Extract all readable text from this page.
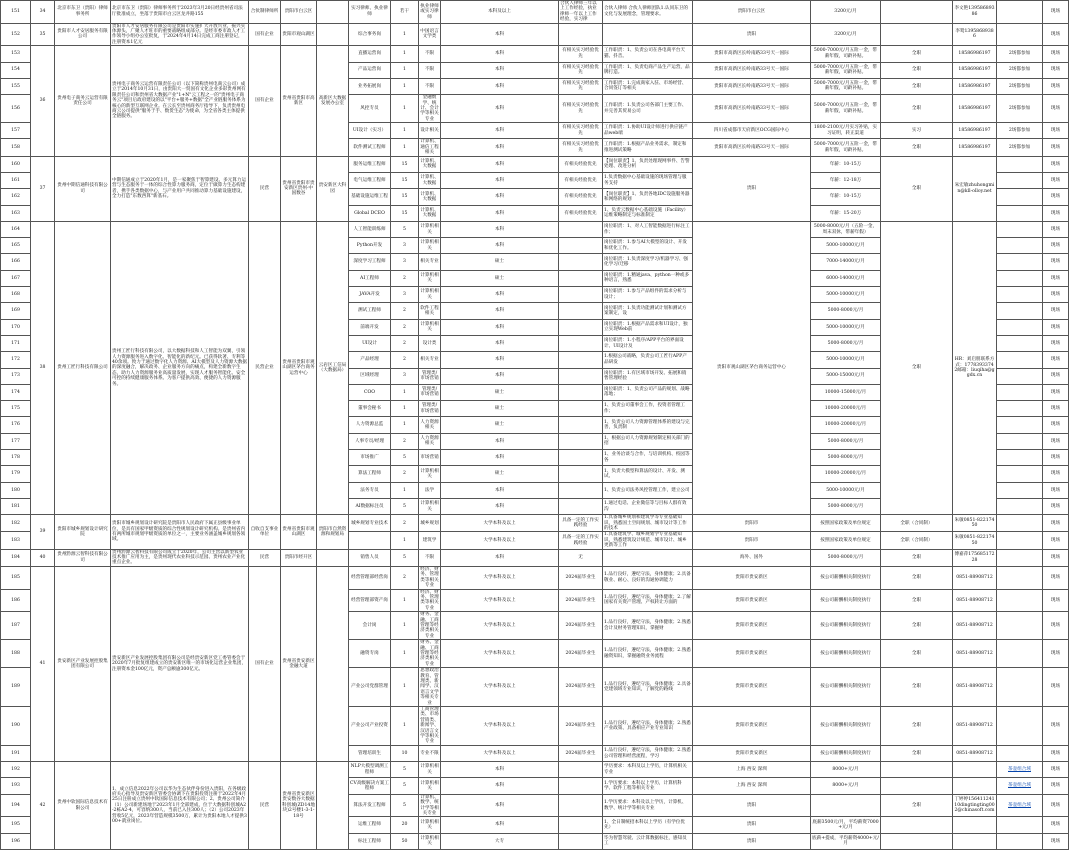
151	34	北京市东卫（贵阳）律师事务所	北京市东卫（贵阳）律师事务所于2023年3月20日经贵州省司法厅批准成立，坐落于贵阳市白云区龙井路155	合伙制律师所	贵阳市白云区		实习律师、执业律师	若干	执业律师或实习律师	本科及以上	合伙人律师三年以上工作经验，执业律师一年以上工作经验，实习律	合伙人律师 合伙人律师团队1.认同东卫的文化与发展理念，管理要求。	贵阳市白云区	3200元/月		李文艳13958689386		现场
152	35	贵阳市人才安居服务有限公司	贵阳市人才安居服务有限公司是贵阳市实施扩大开放兴业，振兴实体源头，广聚人才旺市的重要战略组成部分。是经市委市政人才工作领导小组办公室批复，于2024年4月14日完成工商注册登记，注册资本1亿元	国有企业	贵阳市观山湖区		综合事务岗	1	中国语言文学类	本科			贵阳	3200元/月		李鸳13958689386		现场
153	36	贵州电子商务云运营有限责任公司	贵州电子商务云运营有限责任公司（以下简称贵州电商云公司）成立于2014年10月31日，由贵阳大一贸国有文化企业多彩贵州网有限责任公司和贵州省大数据产业"1+N"云工程之一的"贵州电子商务云"项目后政府建设的以"平台+服务+数据"全产业链服务体系为核心的新型互联网企业。在云长至贵州商务厅指导下，负责贵州电商云公司提供"服务于手、数货生态"为使命，为全省各类主体提供全链服务。	国有企业	贵州省贵阳市高新区	高新区大数据发展办公室	直播运营岗	1	不限	本科	有相关实习经验优先	工作职责：1、负责公司在各电商平台天猫、抖音。	贵阳市高新区长岭南路33号天一国际	5000-7000元/月五险一金，带薪年假，司龄补贴。	全职	18586986197	2场都参加	现场
154							产品运营岗	1	不限	本科	有相关实习经验优先	工作职责：1、负责电商产品生产运营，品牌打造。	贵阳市高新区长岭南路33号天一国际	5000-7000元/月五险一金，带薪年假，司龄补贴。	全职	18586986197	2场都参加	现场
155							业务拓展岗	1	不限	本科	有相关实习经验优先	工作职责：1.完成商家入驻、市场经营、合同签订等相关	贵阳市高新区长岭南路33号天一国际	5000-7000元/月五险一金，带薪年假，司龄补贴。	全职	18586986197	2场都参加	现场
156							风控专员	1	金融数学、统计、会计学等相关专业	本科	有相关实习经验优先	工作职责：1.负责公司各部门主要工作、并完善其贸易公司	贵阳市高新区长岭南路33号天一国际	5000-7000元/月五险一金，带薪年假，司龄补贴。	全职	18586986197	2场都参加	现场
157							UI设计（实习）	1	设计相关	本科	有相关实习经验优先	工作职责：1.协助UI设计师进行供应链产品web端	四川省成都市天府新区OCG国际中心	1800-2100元/月实习补贴，实习证明，转正渠道	实习	18586986197	2场都参加	现场
158							软件测试工程师	1	计算机、通信工程相关	本科	有相关实习经验优先	工作职责：1.根据产品业务需求，制定和推进测试策略	贵阳市高新区长岭南路33号天一国际	5000-7000元/月五险一金，带薪年假，司龄补贴。	全职	18586986197	2场都参加	现场
160	37	贵州中期信通科技有限公司	中期信通成立于2020年1月，是一家聚焦于智算建设、多元算力运营与生态服务于一体的综合性算力服务商，定位于做算力生态构建者，携手各类数据中心，与产业用户共同推动算力基础设施建设，全力打造"东数西算"新基石。	民营	贵州省贵阳市贵安新区贵州·中国数谷	贵安新区大科园	服务运维工程师	15	计算机、大数据	本科	有相关经验优先	【岗位职责】1、负责处理现网事件、告警处理、改进分析	贵阳	年薪：10-15万	全职	朱宏敏zhuhongmin@kll-olloy.net		现场
161							电气运维工程师	15	计算机、大数据	本科	有相关经验优先	1.负责数据中心基础设施的现场管理与服务支持		年薪：12-18万				现场
162							基础设施运维工程	15	计算机、大数据	本科	有相关经验优先	【岗位职责】1、负责各地IDC设施服务器和网络的规划		年薪：10-15万				现场
163							Global DCEO	15	计算机、大数据	本科	有相关经验优先	1、负责云数据中心基础设施（Facility）运维策略制定与标准制定		年薪：15-20万				现场
164	38	贵州工匠行科技有限公司	贵州工匠行科技有限公司，以大数据科技和人工智能为双翼，引领人力资源服务进入数字化、智能化的新纪元。已获得软著、专利等40余项。致力于通过数字化人力资源、AI大模型及人力资源大数据的深度融合，解决政务、企业服务方向的痛点，构建全新数字生态，助力人力资源服务业高质量发展，实现人才服务智能化、安全可控的持续健康服务体系。为客户提供高效、便捷的人力资源服务。	民营企业	贵州省贵阳市观山湖区茅台商务运营中心	云岩区工信局（大数据局）	人工智能训练师	5	计算机相关	本科		岗位职责：1、对人工智能数据进行标注工作；	贵阳市观山湖区茅台商务运营中心	5000-8000元/月（五险一金，周末双休，带薪年假）	全职	HR：刘启朋联系方式：17783933742邮箱：liuqiha@ggdx.cn		现场
165							Python开发	3	计算机相关	本科		岗位职责：1.参与AI大模型的设计、开发和优化工作。		5000-10000元/月				现场
166							深度学习工程师	3	相关专业	硕士		岗位职责：1.负责深度学习/机器学习、强化学习/迁移		7000-14000元/月				现场
167							AI工程师	2	计算机相关	硕士		岗位职责：1.精通java、python一种或多种语言，熟悉		6000-14000元/月				现场
168							JAVA开发	3	计算机相关	本科		岗位职责：1.参与产品组件的需求分析与设计；		5000-10000元/月				现场
169							测试工程师	2	软件工程相关	本科		岗位职责：1.负责功能测试计划和测试方案制定，设		5000-8000元/月				现场
170							前端开发	2	计算机相关	本科		岗位职责：1.根据产品需求和UI设计，独立实现Web前		5000-10000元/月				现场
171							UI设计	2	设计类	本科		岗位职责：1.小程序/APP平台的界面设计、UI设计及		5000-8000元/月				现场
172							产品经理	2	相关专业	本科		1.根据公司战略，负责公司工匠行APP产品研发		5000-10000元/月				现场
173							区域经理	3	管理类/市场营销	本科		岗位职责：1.有区域市场开发、拓展和销售管理经验		5000-15000元/月				现场
174							COO	1	管理类/市场营销	硕士		岗位职责：1、负责公司产品的规划、战略落地；		10000-15000元/月				现场
175							董事会秘书	1	管理类/市场营销	硕士		1、负责公司董事会工作，投资者管理工作；		10000-20000元/月				现场
176							人力资源总监	1	人力资源相关	硕士		1、负责公司人力资源管理体系的建设与完善，负责制		10000-20000元/月				现场
177							人事专员/经理	2	人力资源相关	本科		1、根据公司人力资源规划制定相关部门的招		5000-8000元/月				现场
178							市场推广	5	市场营销	本科		1、业务洽谈与合作，与培训机构、校园等各		5000-8000元/月				现场
179							算法工程师	2	计算机相关	硕士		1、负责大模型和算法的设计、开发、测试、		10000-20000元/月				现场
180							法务专员	1	法学	本科		1、负责公司法务风控管理工作，建立公司		5000-10000元/月				现场
181							AI数据标注员	5	计算机相关	本科		1.通过电话、企业微信等与目标人群有效沟		5000-8000元/月				现场
182	39	贵阳市城乡规划设计研究院	贵阳市城乡规划设计研究院是贵阳市人民政府下属正县级事业单位，是具有国家甲级资质的综合性规划设计研究机构。是贵州省内有两所城市规划甲级资质的单位之一，主要业务涵盖城乡规划各领域。	自收自支事业单位	贵州省贵阳市观山湖区	贵阳市自然资源和规划局	城乡规划专业技术	2	城乡规划	大学本科及以上	具备一定的工作实践经验	1.具备城乡规划和建筑学等专业基础知识，熟悉国土空间规划、城市设计等工作的技术	贵阳市	按照国家政策及单位规定	全职（合同制）	朱敏0851-82217450		现场
183								1	建筑学	大学本科及以上	具备一定的工作实践经验	1.具备建筑学、城乡规划学专业基础知识，熟悉建筑设计规范、城市设计、城乡更新等工作	贵阳市	按照国家政策及单位规定	全职（合同制）	朱敏0851-82217450		现场
184	40	贵州黔源云智科技有限公司	贵州黔源云智科技有限公司成立于2020年，公司主营以新型农业技术推广应用为主，是贵州现代农业科技示范园、贵州农业产业化重点企业。	民营	贵阳市经开区		销售人员	5	不限	本科	无		海外、国外	5000-8000元/月	全职	傅嘉萍17568517228		现场
185	41	贵安新区产业发展控股集团有限公司	贵安新区产业发展控股集团有限公司是经贵安新区党工委管委会于2020年7月批复组建成立的贵安新区唯一的市场化运营企业集团，注册资本金100亿元，资产总额逾300亿元。	国有企业	贵州省贵安新区金融大道		经营管理部经营岗	2	经济、财务、管理类等相关专业	大学本科及以上	2024届毕业生	1.品行良好，遵纪守法，身体健康；2.具备敬业、耐心、良好的沟通协调能力	贵阳市贵安新区	按公司薪酬相关制度执行	全职	0851-88908712		现场
186							经营管理部资产岗	1	经济、财务、管理类等相关专业	大学本科及以上	2024届毕业生	1.品行良好，遵纪守法，身体健康；2.了解国家有关资产管理、产权转让方面的	贵阳市贵安新区	按公司薪酬相关制度执行	全职	0851-88908712		现场
187							会计岗	1	财务、金融、工商管理等经济类相关专业	大学本科及以上	2024届毕业生	1.品行良好，遵纪守法，身体健康；2.熟悉会计及财务管理知识，掌握财	贵阳市贵安新区	按公司薪酬相关制度执行	全职	0851-88908712		现场
188							融资专岗	1	财务、金融、工商管理等经济类相关专业	大学本科及以上	2024届毕业生	1.品行良好，遵纪守法，身体健康；2.熟悉融资知识，掌握融资业务流程	贵阳市贵安新区	按公司薪酬相关制度执行	全职	0851-88908712		现场
189							产业公司党群管理	1	思想政治教育、管理类、新闻学、汉语言文学等相关专业	大学本科及以上	2024届毕业生	1.品行良好，遵纪守法，身体健康；2.具备党建领域专业知识，了解党的路线	贵阳市贵安新区	按公司薪酬相关制度执行	全职	0851-88908712		现场
190							产业公司产业投资	1	工商管理类、市场营销类、新闻学、汉语言文学等相关专业	大学本科及以上	2024届毕业生	1.品行良好，遵纪守法，身体健康；2.熟悉产业政策、具备相应产业专业知识	贵阳市贵安新区	按公司薪酬相关制度执行	全职	0851-88908712		现场
191							管理培训生	10	专业不限	大学本科及以上	2024届毕业生	1.品行良好，遵纪守法，身体健康；2.熟悉公司管理和经营流程，学习	贵阳市贵安新区	按公司薪酬相关制度执行	全职	0851-88908712		现场
192	42	贵州中软国际信息技术有限公司	1、成立信息2022年公司以华为生态伙伴身份进入贵阳，在各级政府关心指导及贵安新区管委会协调下在贵阳投资注册于2022年4月25日注册成立贵州中软国际信息技术有限公司；2、贵州公司简介（1）公司新建场地于2023年1月全部建成，位于大数据科创城A2-2栋A2-4，可容纳300人，当前已入住300人；（2）公司2023年营收5亿元，2023年营造规模3500万，累计为贵阳本地人才提供300+就业岗位。	民营	贵州省贵安新区贵安数谷大数据科创城(ZD14地块)2号楼1-3-1-18号		NLP大模型调测工程师	5	计算机相关	本科		学历要求：本科及以上学历，计算机相关专业	上海 西安 深圳	8000+元/月			茶壶组合域	现场
193							CV高级解决方案工程师	5	计算机相关	本科		1.学历要求：本科以上学历，计算机科学、软件工程等相关专业	上海 西安 深圳	8000+元/月			茶壶组合域	现场
194							算法开发工程师	5	计算机、数学、统计学等相关专业	本科		1.学历要求：本科及以上学历，计算机、数学、统计学等相关专业	贵阳		全职	丁婷婷15641124110dingtingting002@chinasoft.com	茶壶组合域	现场
195							运维工程师	20	计算机相关	本科		1、全日制统招本科以上学历（有学位优先）	贵阳	底薪3500元/月，平均薪资7000+元/月				现场
196							标注工程师	50	计算机相关	大专		毕为智慧驾驶、云计算数据标注，感知员工	贵阳	底薪+提成，平均薪资4000+元/月				现场
